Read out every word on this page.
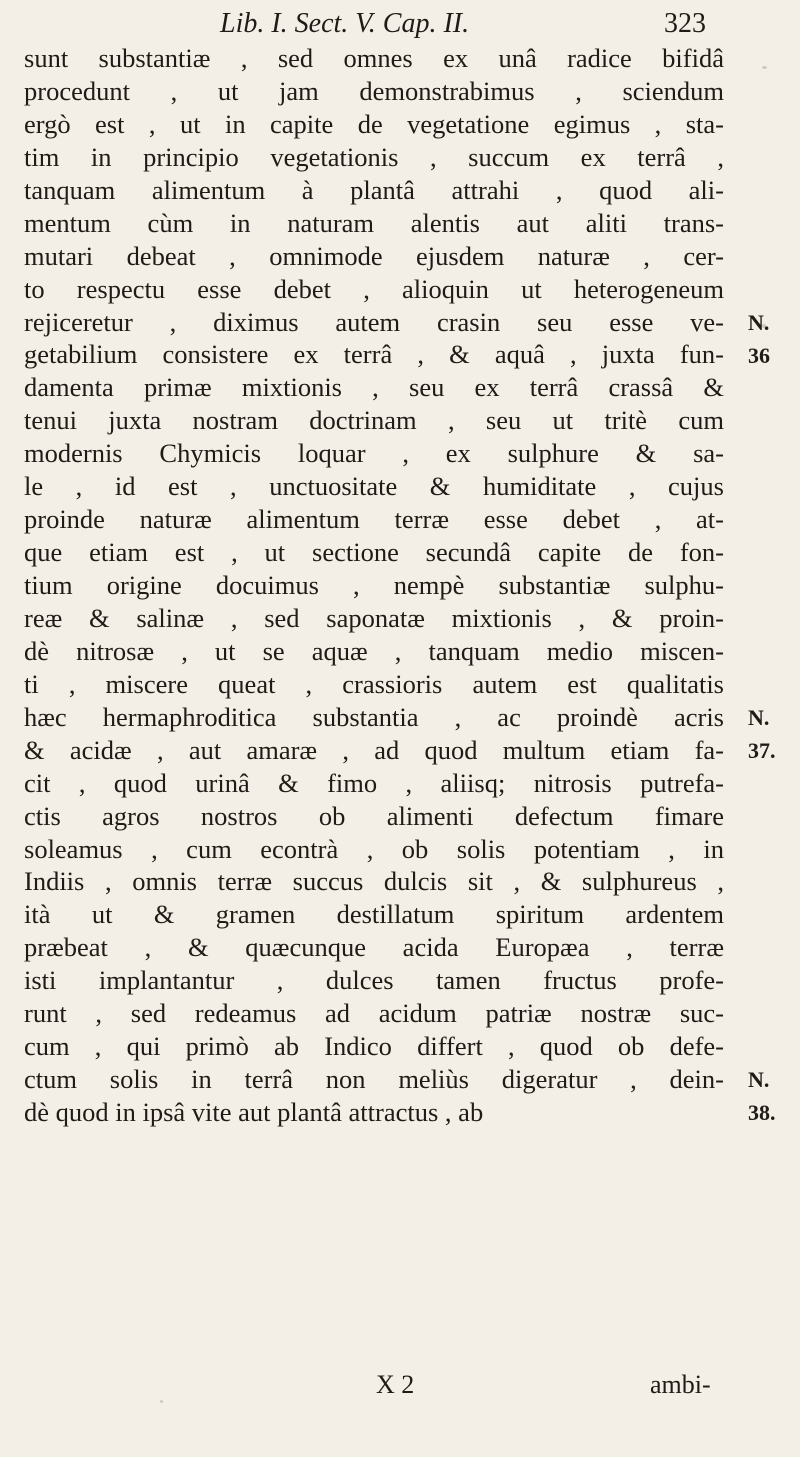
Lib. I. Sect. V. Cap. II.	323
sunt substantiæ , sed omnes ex unâ radice bifidâ
procedunt , ut jam demonstrabimus , sciendum
ergò est , ut in capite de vegetatione egimus , sta-
tim in principio vegetationis , succum ex terrâ ,
tanquam alimentum à plantâ attrahi , quod ali-
mentum cùm in naturam alentis aut aliti trans-
mutari debeat , omnimode ejusdem naturæ , cer-
to respectu esse debet , alioquin ut heterogeneum
rejiceretur , diximus autem crasin seu esse ve-
getabilium consistere ex terrâ , & aquâ , juxta fun-
damenta primæ mixtionis , seu ex terrâ crassâ &
tenui juxta nostram doctrinam , seu ut tritè cum
modernis Chymicis loquar , ex sulphure & sa-
le , id est , unctuositate & humiditate , cujus
proinde naturæ alimentum terræ esse debet , at-
que etiam est , ut sectione secundâ capite de fon-
tium origine docuimus , nempè substantiæ sulphu-
reæ & salinæ , sed saponatæ mixtionis , & proin-
dè nitrosæ , ut se aquæ , tanquam medio miscen-
ti , miscere queat , crassioris autem est qualitatis
hæc hermaphroditica substantia , ac proindè acris
& acidæ , aut amaræ , ad quod multum etiam fa-
cit , quod urinâ & fimo , aliisq; nitrosis putrefa-
ctis agros nostros ob alimenti defectum fimare
soleamus , cum econtrà , ob solis potentiam , in
Indiis , omnis terræ succus dulcis sit , & sulphureus ,
ità ut & gramen destillatum spiritum ardentem
præbeat , & quæcunque acida Europæa , terræ
isti implantantur , dulces tamen fructus profe-
runt , sed redeamus ad acidum patriæ nostræ suc-
cum , qui primò ab Indico differt , quod ob defe-
ctum solis in terrâ non meliùs digeratur , dein-
dè quod in ipsâ vite aut plantâ attractus , ab
N.
36
N.
37.
N.
38.
X 2	ambi-
